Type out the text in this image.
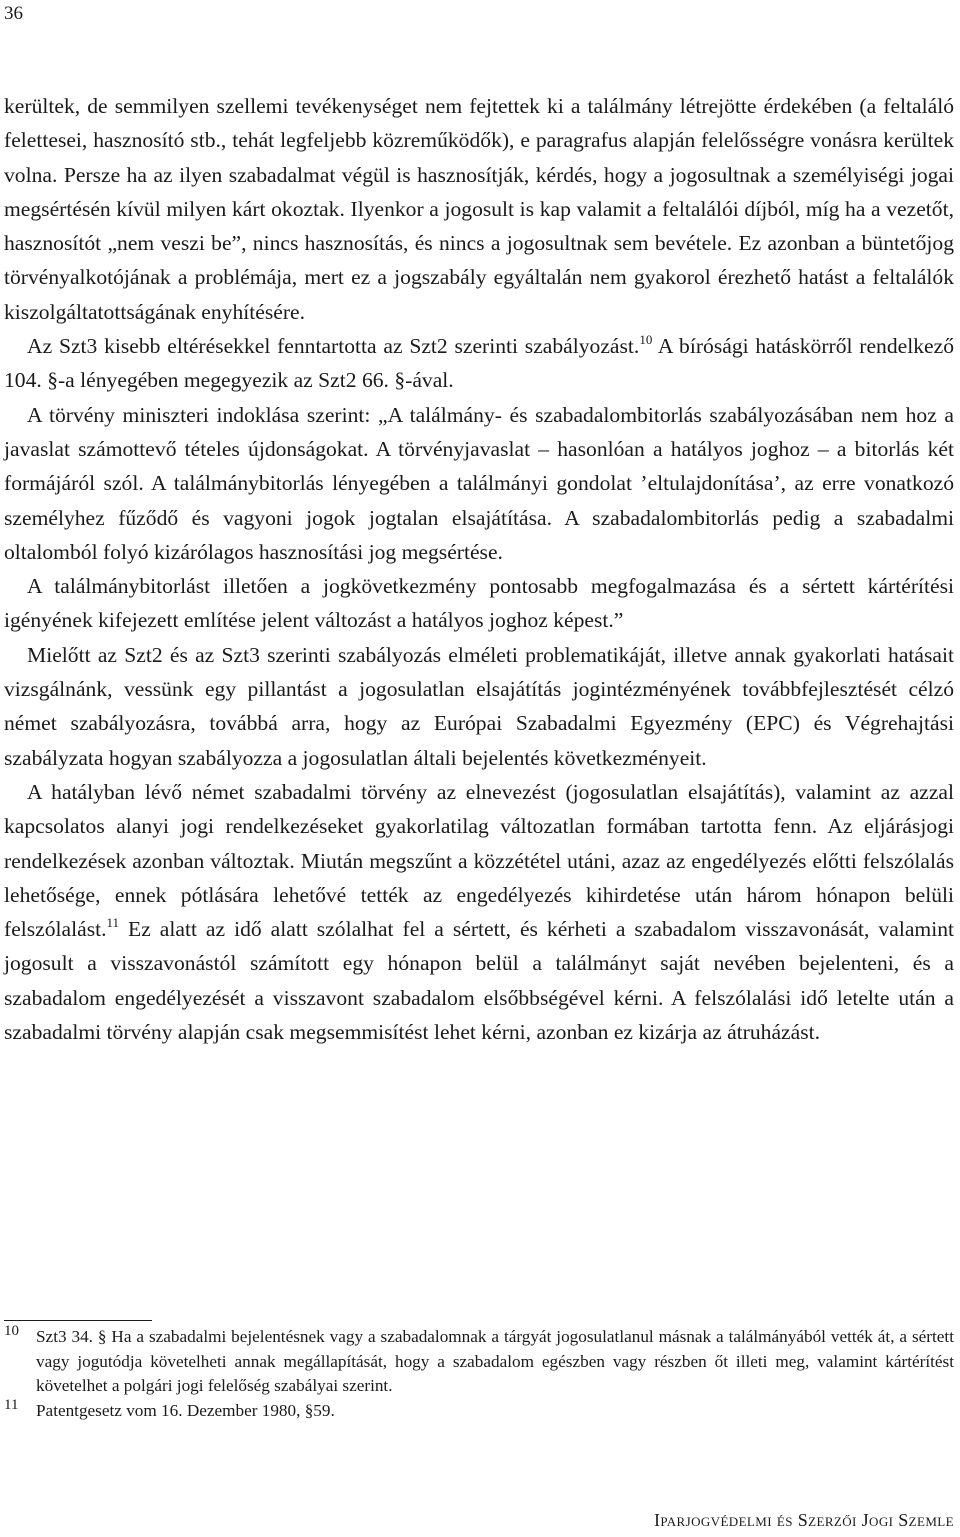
36

kerültek, de semmilyen szellemi tevékenységet nem fejtettek ki a találmány létrejötte érdekében (a feltaláló felettesei, hasznosító stb., tehát legfeljebb közreműködők), e paragrafus alapján felelősségre vonásra kerültek volna. Persze ha az ilyen szabadalmat végül is hasznosítják, kérdés, hogy a jogosultnak a személyiségi jogai megsértésén kívül milyen kárt okoztak. Ilyenkor a jogosult is kap valamit a feltalálói díjból, míg ha a vezetőt, hasznosítót „nem veszi be”, nincs hasznosítás, és nincs a jogosultnak sem bevétele. Ez azonban a büntetőjog törvényalkotójának a problémája, mert ez a jogszabály egyáltalán nem gyakorol érezhető hatást a feltalálók kiszolgáltatottságának enyhítésére.

Az Szt3 kisebb eltérésekkel fenntartotta az Szt2 szerinti szabályozást.$^{10}$ A bírósági hatáskörről rendelkező 104. §-a lényegében megegyezik az Szt2 66. §-ával.

A törvény miniszteri indoklása szerint: „A találmány- és szabadalombitorlás szabályozásában nem hoz a javaslat számottevő tételes újdonságokat. A törvényjavaslat – hasonlóan a hatályos joghoz – a bitorlás két formájáról szól. A találmánybitorlás lényegében a találmányi gondolat ʼeltulajdonításaʼ, az erre vonatkozó személyhez fűződő és vagyoni jogok jogtalan elsajátítása. A szabadalombitorlás pedig a szabadalmi oltalomból folyó kizárólagos hasznosítási jog megsértése.

A találmánybitorlást illetően a jogkövetkezmény pontosabb megfogalmazása és a sértett kártérítési igényének kifejezett említése jelent változást a hatályos joghoz képest.”

Mielőtt az Szt2 és az Szt3 szerinti szabályozás elméleti problematikáját, illetve annak gyakorlati hatásait vizsgálnánk, vessünk egy pillantást a jogosulatlan elsajátítás jogintézményének továbbfejlesztését célzó német szabályozásra, továbbá arra, hogy az Európai Szabadalmi Egyezmény (EPC) és Végrehajtási szabályzata hogyan szabályozza a jogosulatlan általi bejelentés következményeit.

A hatályban lévő német szabadalmi törvény az elnevezést (jogosulatlan elsajátítás), valamint az azzal kapcsolatos alanyi jogi rendelkezéseket gyakorlatilag változatlan formában tartotta fenn. Az eljárásjogi rendelkezések azonban változtak. Miután megszűnt a közzététel utáni, azaz az engedélyezés előtti felszólalás lehetősége, ennek pótlására lehetővé tették az engedélyezés kihirdetése után három hónapon belüli felszólalást.$^{11}$ Ez alatt az idő alatt szólalhat fel a sértett, és kérheti a szabadalom visszavonását, valamint jogosult a visszavonástól számított egy hónapon belül a találmányt saját nevében bejelenteni, és a szabadalom engedélyezését a visszavont szabadalom elsőbbségével kérni. A felszólalási idő letelte után a szabadalmi törvény alapján csak megsemmisítést lehet kérni, azonban ez kizárja az átruházást.

10 Szt3 34. § Ha a szabadalmi bejelentésnek vagy a szabadalomnak a tárgyát jogosulatlanul másnak a találmányából vették át, a sértett vagy jogutódja követelheti annak megállapítását, hogy a szabadalom egészben vagy részben őt illeti meg, valamint kártérítést követelhet a polgári jogi felelőség szabályai szerint.
11 Patentgesetz vom 16. Dezember 1980, §59.
Iparjogvédelmi és Szerzői Jogi Szemle
